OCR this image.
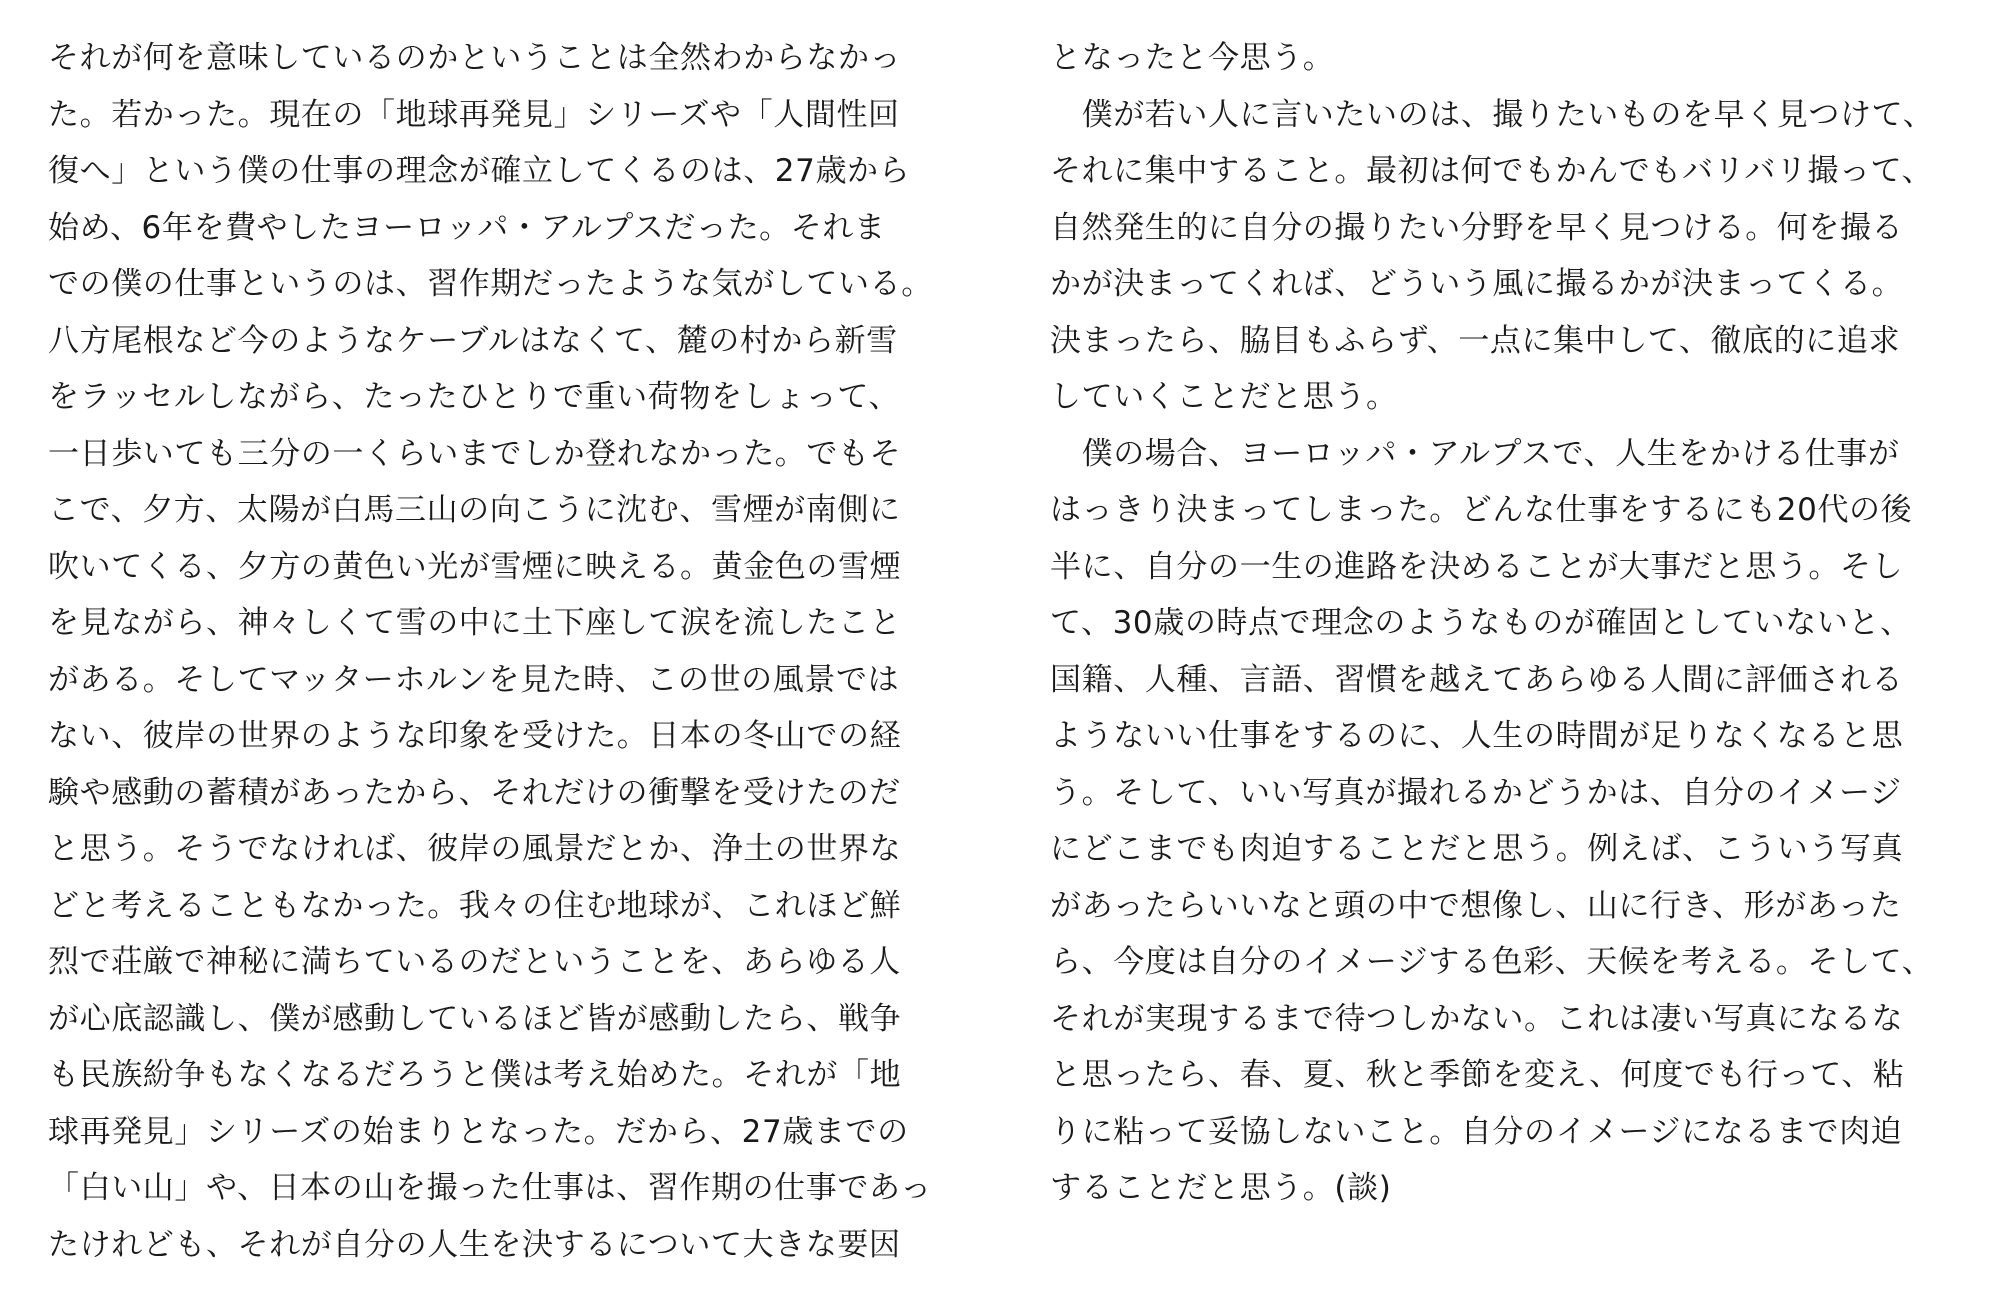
それが何を意味しているのかということは全然わからなかっ
た。若かった。現在の「地球再発見」シリーズや「人間性回
復へ」という僕の仕事の理念が確立してくるのは、27歳から
始め、6年を費やしたヨーロッパ・アルプスだった。それま
での僕の仕事というのは、習作期だったような気がしている。
八方尾根など今のようなケーブルはなくて、麓の村から新雪
をラッセルしながら、たったひとりで重い荷物をしょって、
一日歩いても三分の一くらいまでしか登れなかった。でもそ
こで、夕方、太陽が白馬三山の向こうに沈む、雪煙が南側に
吹いてくる、夕方の黄色い光が雪煙に映える。黄金色の雪煙
を見ながら、神々しくて雪の中に土下座して涙を流したこと
がある。そしてマッターホルンを見た時、この世の風景では
ない、彼岸の世界のような印象を受けた。日本の冬山での経
験や感動の蓄積があったから、それだけの衝撃を受けたのだ
と思う。そうでなければ、彼岸の風景だとか、浄土の世界な
どと考えることもなかった。我々の住む地球が、これほど鮮
烈で荘厳で神秘に満ちているのだということを、あらゆる人
が心底認識し、僕が感動しているほど皆が感動したら、戦争
も民族紛争もなくなるだろうと僕は考え始めた。それが「地
球再発見」シリーズの始まりとなった。だから、27歳までの
「白い山」や、日本の山を撮った仕事は、習作期の仕事であっ
たけれども、それが自分の人生を決するについて大きな要因
となったと今思う。
　僕が若い人に言いたいのは、撮りたいものを早く見つけて、
それに集中すること。最初は何でもかんでもバリバリ撮って、
自然発生的に自分の撮りたい分野を早く見つける。何を撮る
かが決まってくれば、どういう風に撮るかが決まってくる。
決まったら、脇目もふらず、一点に集中して、徹底的に追求
していくことだと思う。
　僕の場合、ヨーロッパ・アルプスで、人生をかける仕事が
はっきり決まってしまった。どんな仕事をするにも20代の後
半に、自分の一生の進路を決めることが大事だと思う。そし
て、30歳の時点で理念のようなものが確固としていないと、
国籍、人種、言語、習慣を越えてあらゆる人間に評価される
ようないい仕事をするのに、人生の時間が足りなくなると思
う。そして、いい写真が撮れるかどうかは、自分のイメージ
にどこまでも肉迫することだと思う。例えば、こういう写真
があったらいいなと頭の中で想像し、山に行き、形があった
ら、今度は自分のイメージする色彩、天候を考える。そして、
それが実現するまで待つしかない。これは凄い写真になるな
と思ったら、春、夏、秋と季節を変え、何度でも行って、粘
りに粘って妥協しないこと。自分のイメージになるまで肉迫
することだと思う。(談)
